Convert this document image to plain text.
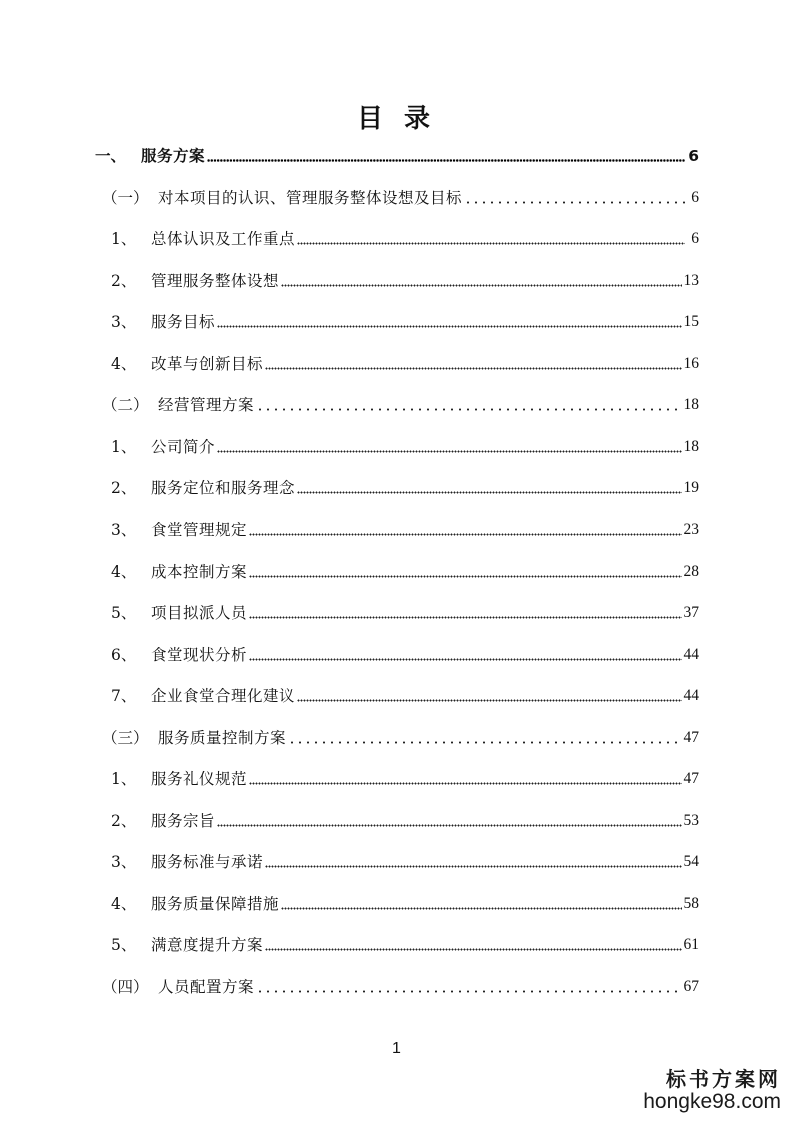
目 录
一、 服务方案	6
（一） 对本项目的认识、管理服务整体设想及目标	6
1、 总体认识及工作重点	6
2、 管理服务整体设想	13
3、 服务目标	15
4、 改革与创新目标	16
（二） 经营管理方案	18
1、 公司简介	18
2、 服务定位和服务理念	19
3、 食堂管理规定	23
4、 成本控制方案	28
5、 项目拟派人员	37
6、 食堂现状分析	44
7、 企业食堂合理化建议	44
（三） 服务质量控制方案	47
1、 服务礼仪规范	47
2、 服务宗旨	53
3、 服务标准与承诺	54
4、 服务质量保障措施	58
5、 满意度提升方案	61
（四） 人员配置方案	67
1
标书方案网
hongke98.com
